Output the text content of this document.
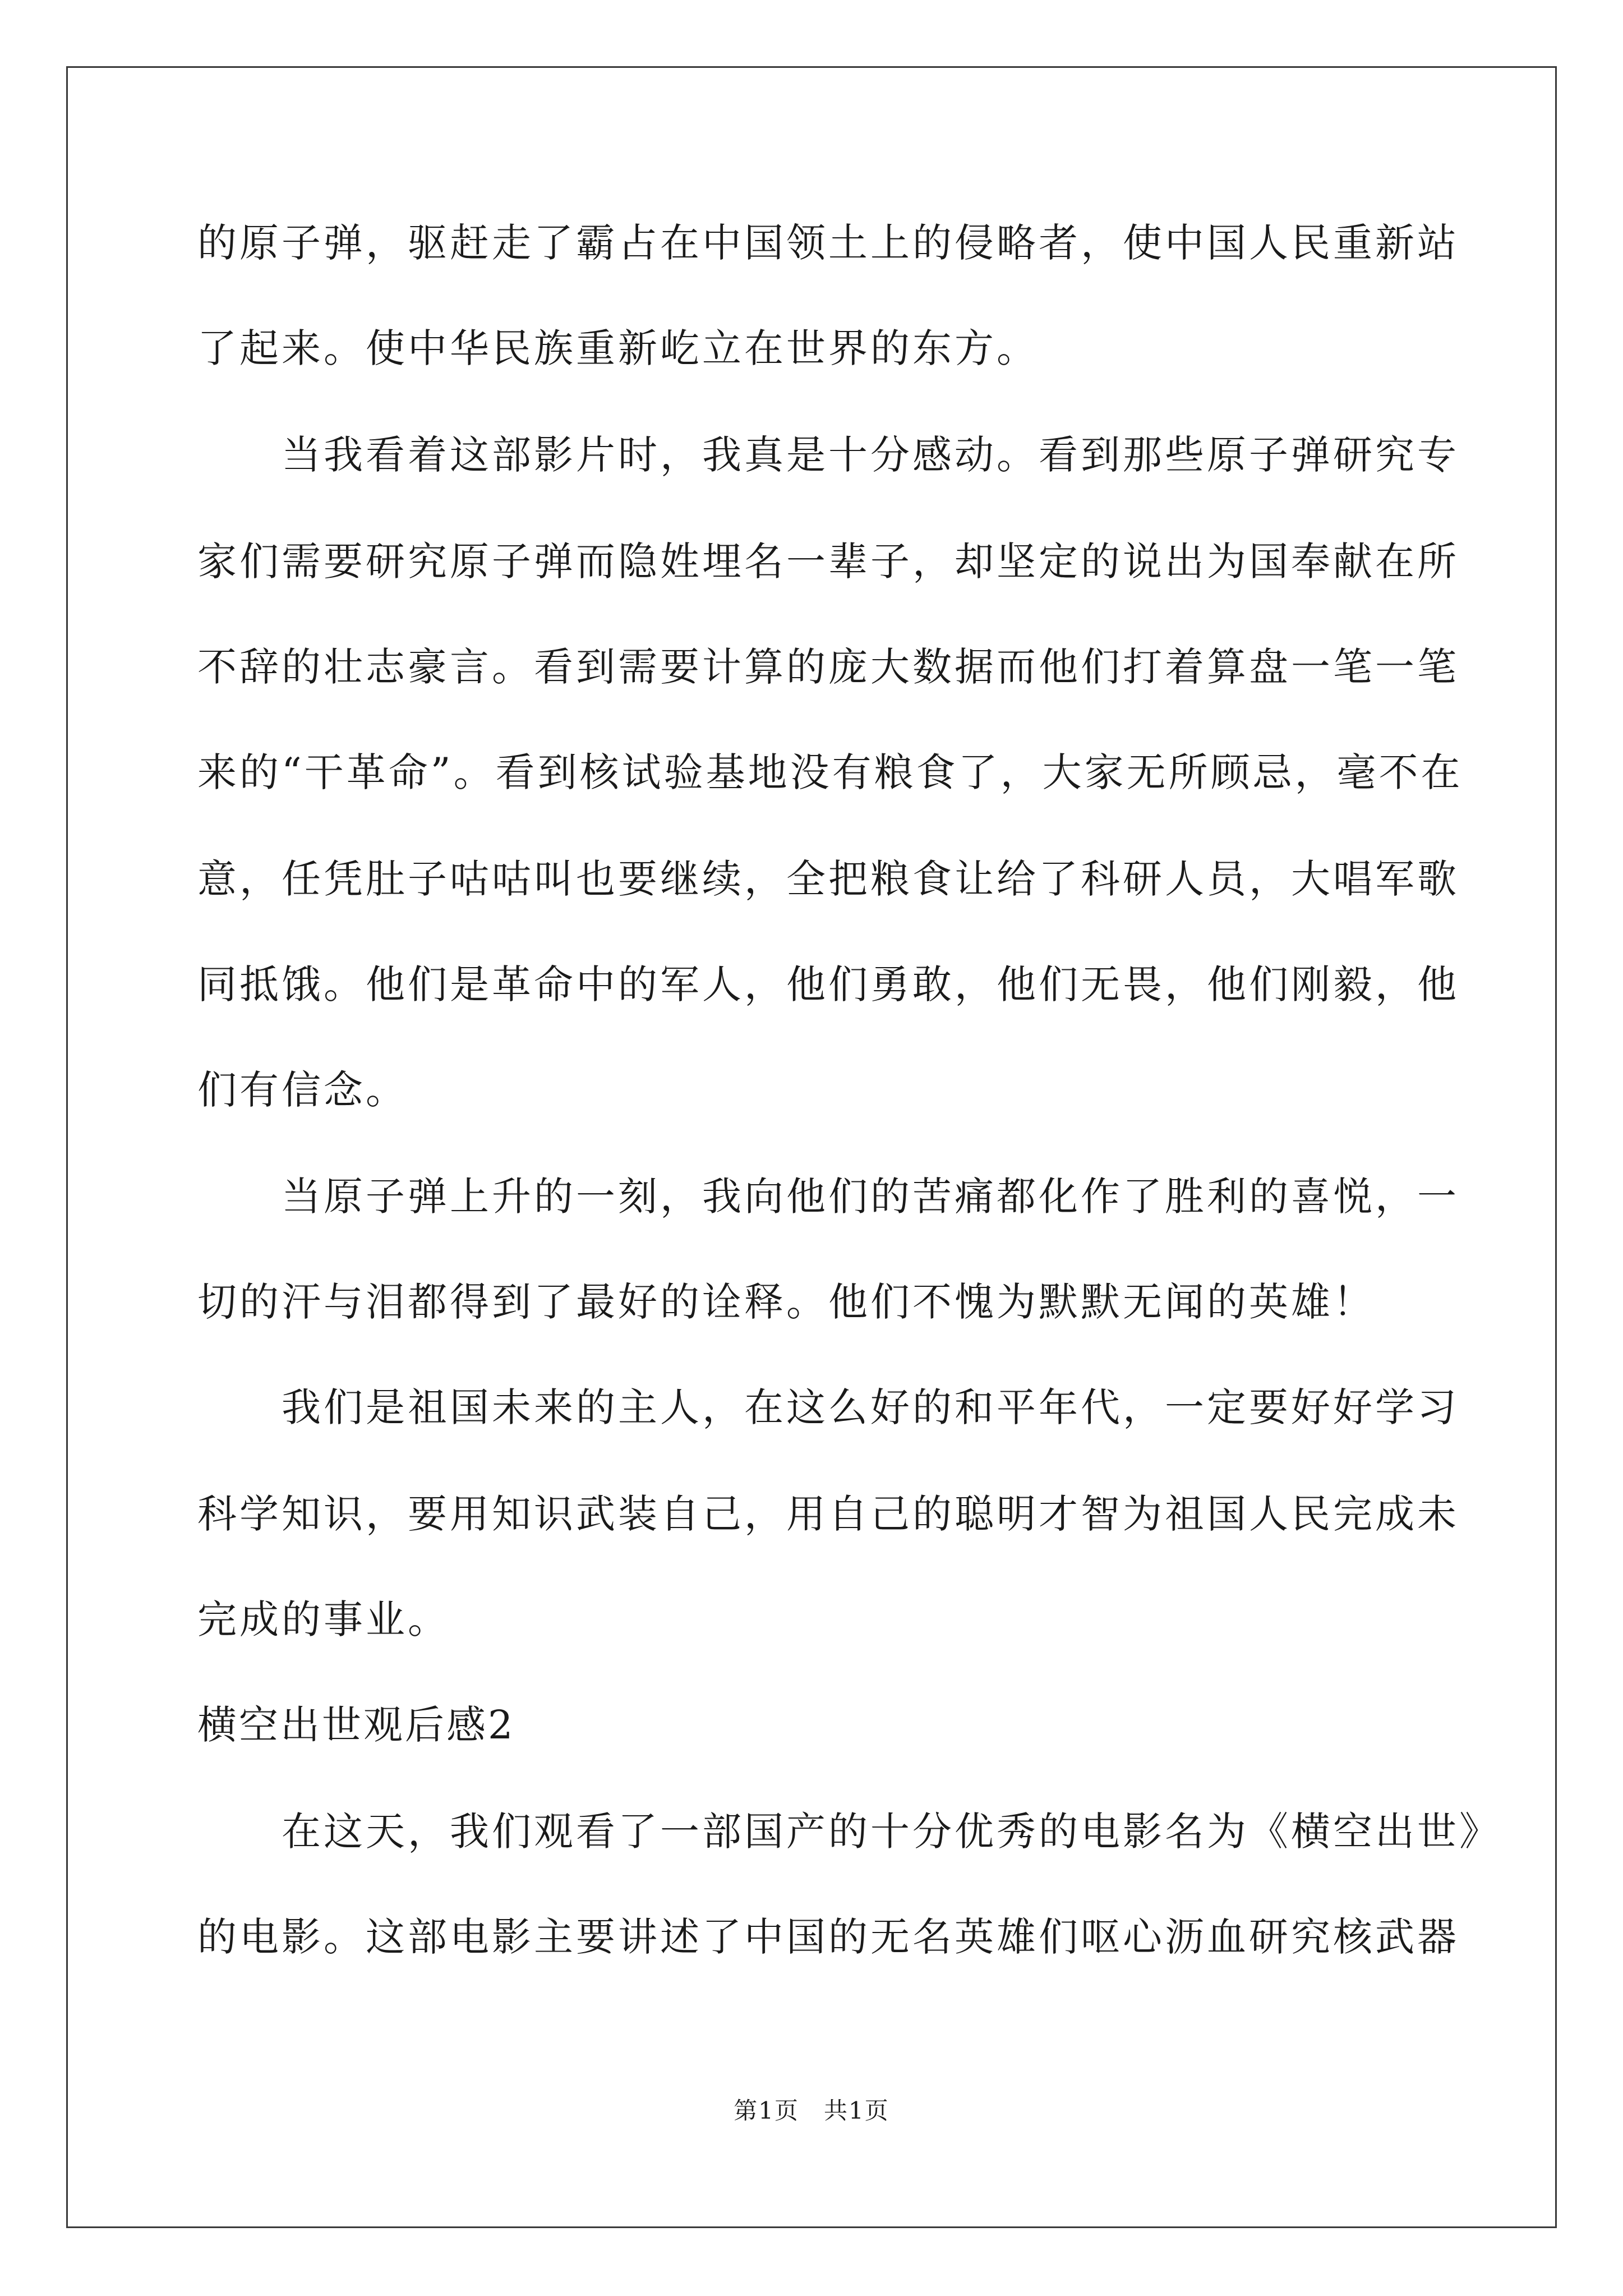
的原子弹，驱赶走了霸占在中国领土上的侵略者，使中国人民重新站
了起来。使中华民族重新屹立在世界的东方。
当我看着这部影片时，我真是十分感动。看到那些原子弹研究专
家们需要研究原子弹而隐姓埋名一辈子，却坚定的说出为国奉献在所
不辞的壮志豪言。看到需要计算的庞大数据而他们打着算盘一笔一笔
来的“干革命”。看到核试验基地没有粮食了，大家无所顾忌，毫不在
意，任凭肚子咕咕叫也要继续，全把粮食让给了科研人员，大唱军歌
同抵饿。他们是革命中的军人，他们勇敢，他们无畏，他们刚毅，他
们有信念。
当原子弹上升的一刻，我向他们的苦痛都化作了胜利的喜悦，一
切的汗与泪都得到了最好的诠释。他们不愧为默默无闻的英雄！
我们是祖国未来的主人，在这么好的和平年代，一定要好好学习
科学知识，要用知识武装自己，用自己的聪明才智为祖国人民完成未
完成的事业。
横空出世观后感2
在这天，我们观看了一部国产的十分优秀的电影名为《横空出世》
的电影。这部电影主要讲述了中国的无名英雄们呕心沥血研究核武器
第1页　共1页
